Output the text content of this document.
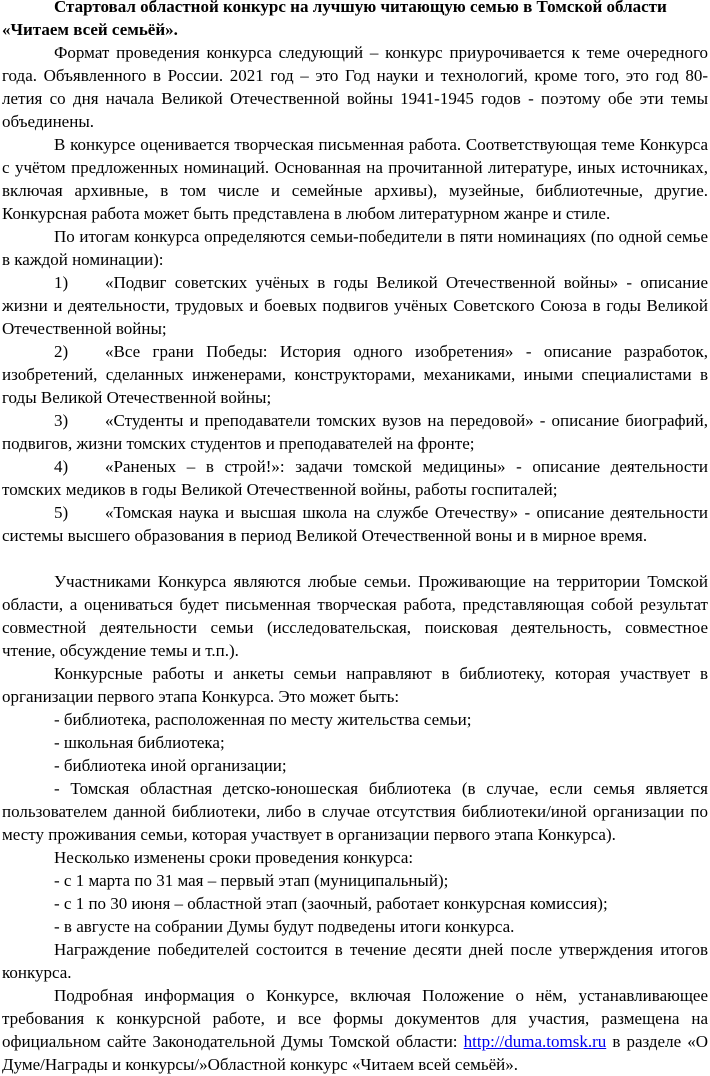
Стартовал областной конкурс на лучшую читающую семью в Томской области «Читаем всей семьёй».

Формат проведения конкурса следующий – конкурс приурочивается к теме очередного года. Объявленного в России. 2021 год – это Год науки и технологий, кроме того, это год 80-летия со дня начала Великой Отечественной войны 1941-1945 годов - поэтому обе эти темы объединены.

В конкурсе оценивается творческая письменная работа. Соответствующая теме Конкурса с учётом предложенных номинаций. Основанная на прочитанной литературе, иных источниках, включая архивные, в том числе и семейные архивы), музейные, библиотечные, другие. Конкурсная работа может быть представлена в любом литературном жанре и стиле.

По итогам конкурса определяются семьи-победители в пяти номинациях (по одной семье в каждой номинации):

1) «Подвиг советских учёных в годы Великой Отечественной войны» - описание жизни и деятельности, трудовых и боевых подвигов учёных Советского Союза в годы Великой Отечественной войны;

2) «Все грани Победы: История одного изобретения» - описание разработок, изобретений, сделанных инженерами, конструкторами, механиками, иными специалистами в годы Великой Отечественной войны;

3) «Студенты и преподаватели томских вузов на передовой» - описание биографий, подвигов, жизни томских студентов и преподавателей на фронте;

4) «Раненых – в строй!»: задачи томской медицины» - описание деятельности томских медиков в годы Великой Отечественной войны, работы госпиталей;

5) «Томская наука и высшая школа на службе Отечеству» - описание деятельности системы высшего образования в период Великой Отечественной воны и в мирное время.

Участниками Конкурса являются любые семьи. Проживающие на территории Томской области, а оцениваться будет письменная творческая работа, представляющая собой результат совместной деятельности семьи (исследовательская, поисковая деятельность, совместное чтение, обсуждение темы и т.п.).

Конкурсные работы и анкеты семьи направляют в библиотеку, которая участвует в организации первого этапа Конкурса. Это может быть:

- библиотека, расположенная по месту жительства семьи;

- школьная библиотека;

- библиотека иной организации;

- Томская областная детско-юношеская библиотека (в случае, если семья является пользователем данной библиотеки, либо в случае отсутствия библиотеки/иной организации по месту проживания семьи, которая участвует в организации первого этапа Конкурса).

Несколько изменены сроки проведения конкурса:

- с 1 марта по 31 мая – первый этап (муниципальный);

- с 1 по 30 июня – областной этап (заочный, работает конкурсная комиссия);

- в августе на собрании Думы будут подведены итоги конкурса.

Награждение победителей состоится в течение десяти дней после утверждения итогов конкурса.

Подробная информация о Конкурсе, включая Положение о нём, устанавливающее требования к конкурсной работе, и все формы документов для участия, размещена на официальном сайте Законодательной Думы Томской области: http://duma.tomsk.ru в разделе «О Думе/Награды и конкурсы/»Областной конкурс «Читаем всей семьёй».
